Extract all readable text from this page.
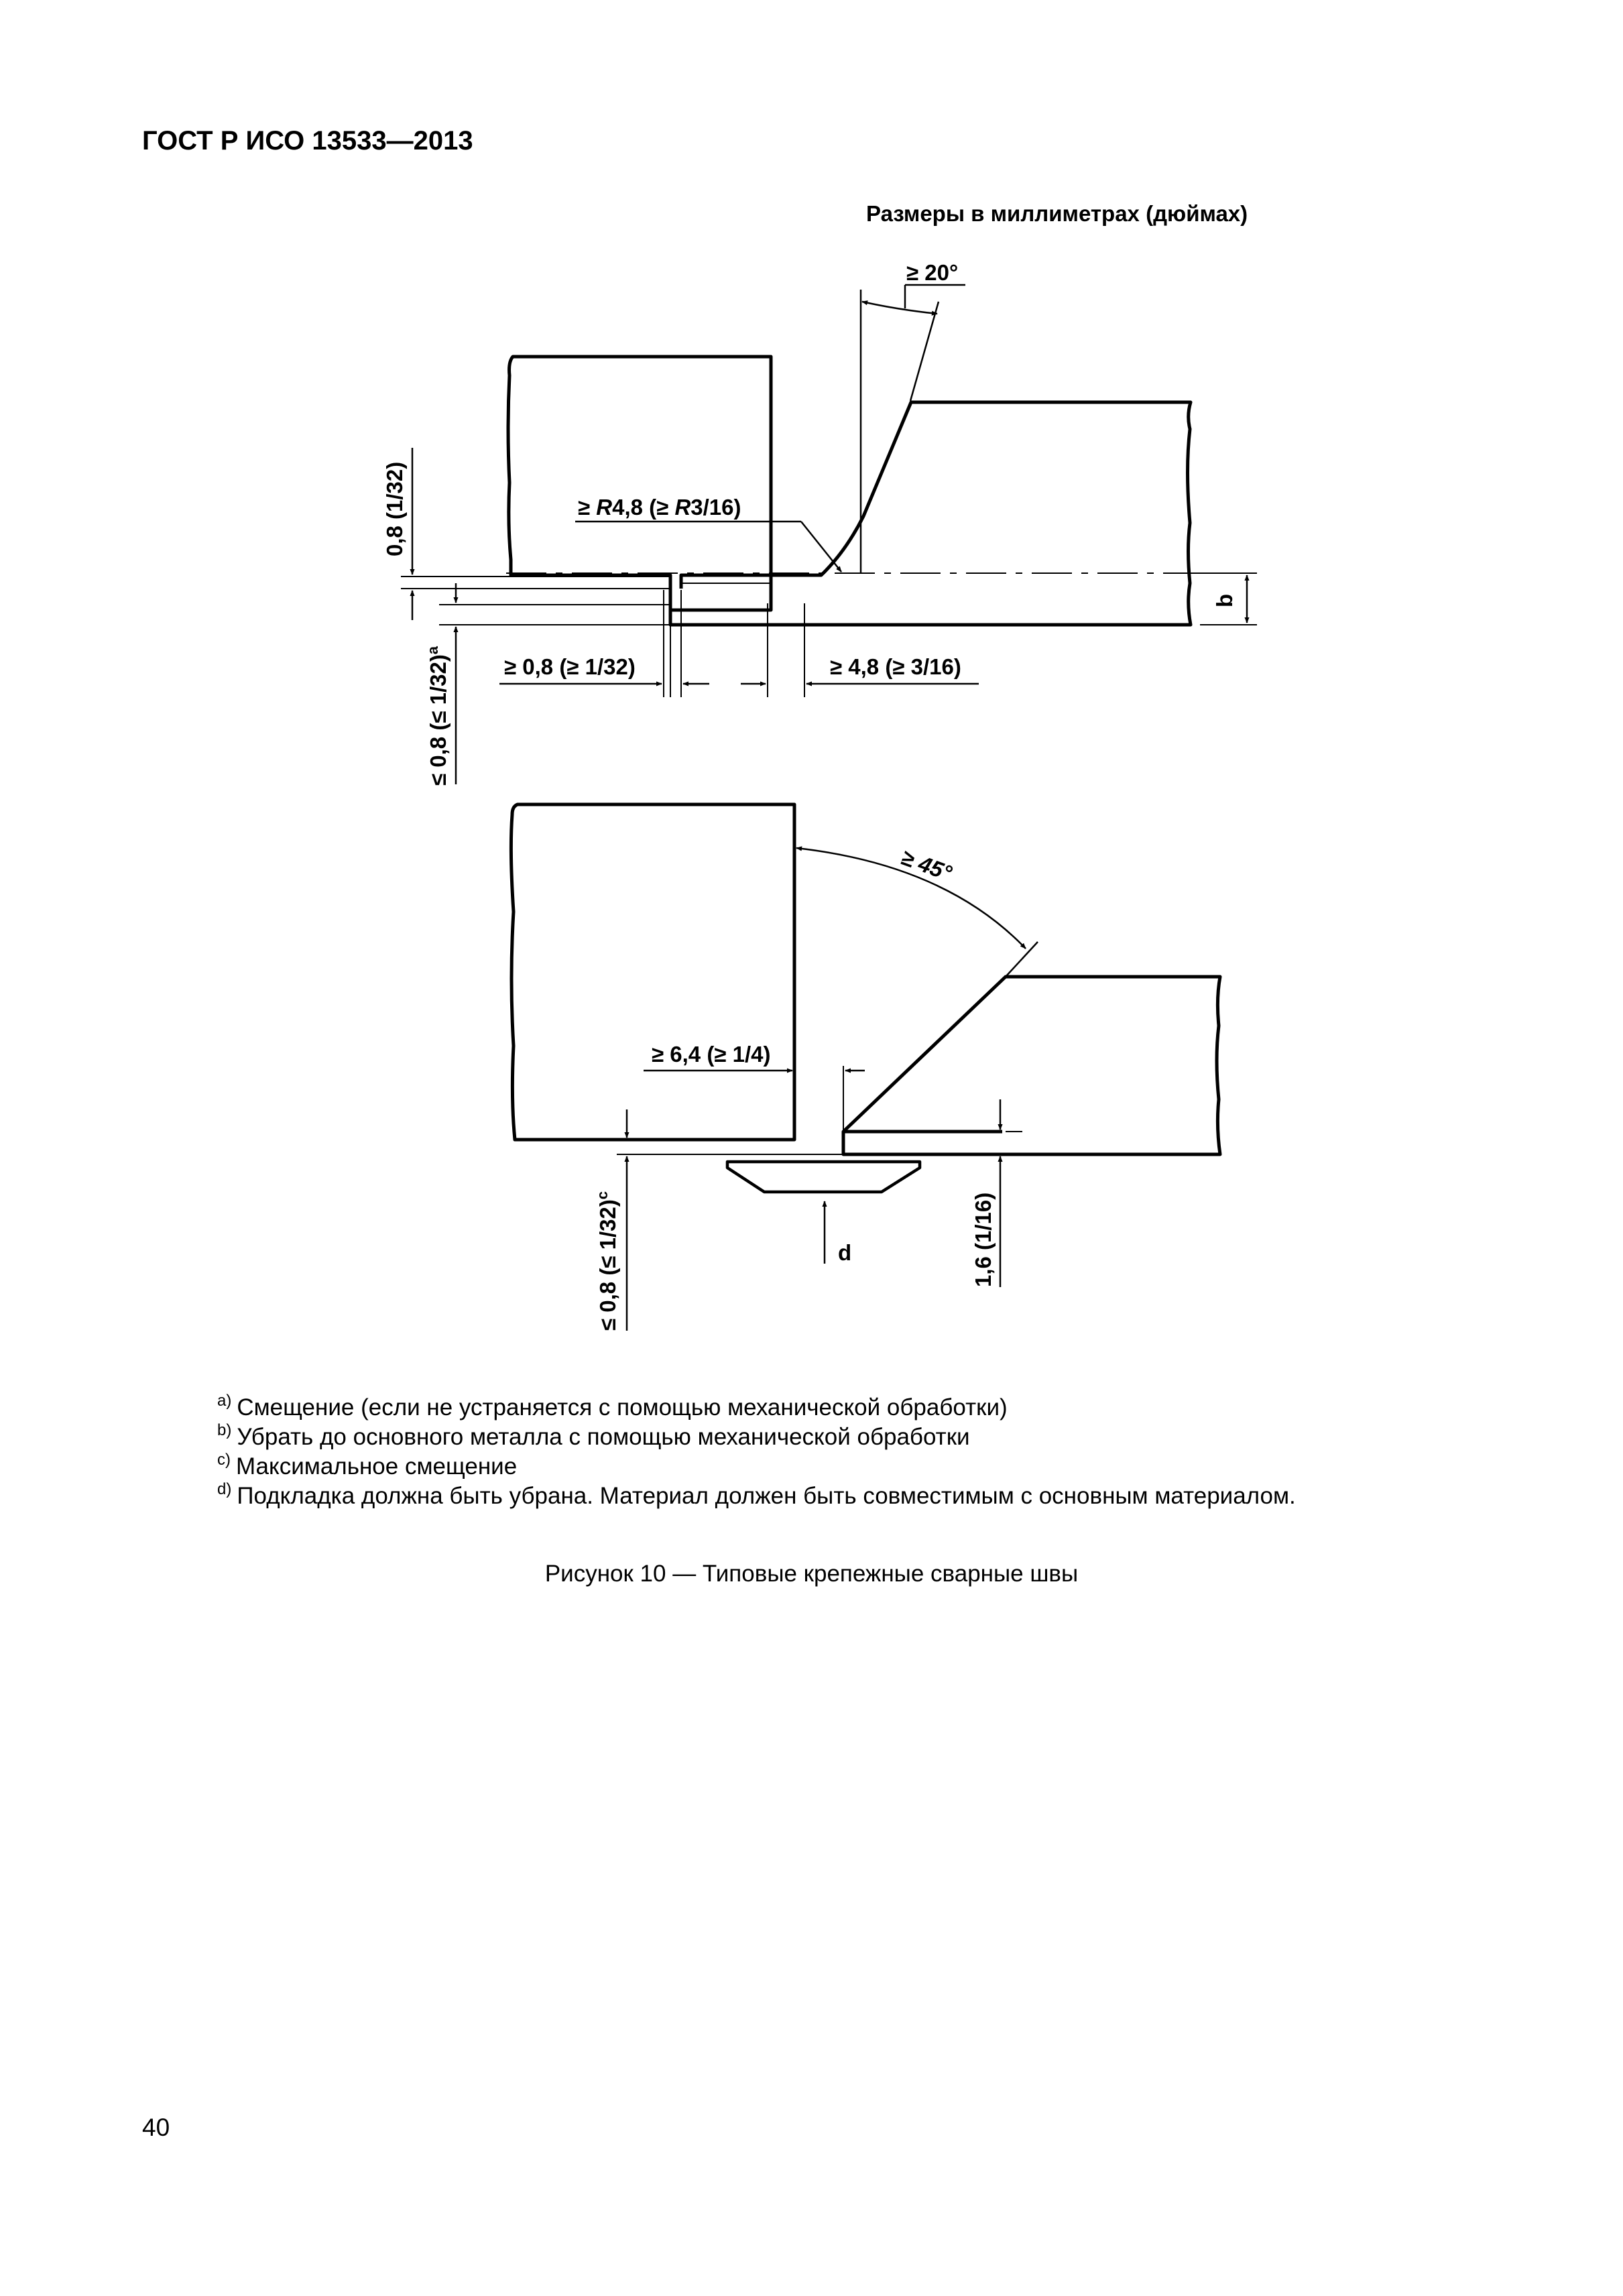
ГОСТ Р ИСО 13533—2013
Размеры в миллиметрах (дюймах)
≥ 20°
≥ R4,8 (≥ R3/16)
0,8 (1/32)
≤ 0,8 (≤ 1/32)$^a$
≥ 0,8 (≥ 1/32)	≥ 4,8 (≥ 3/16)
b
≥ 45°
≥ 6,4 (≥ 1/4)
≤ 0,8 (≤ 1/32)$^c$	1,6 (1/16)
d
$^{a)}$ Смещение (если не устраняется с помощью механической обработки)
$^{b)}$ Убрать до основного металла с помощью механической обработки
$^{c)}$ Максимальное смещение
$^{d)}$ Подкладка должна быть убрана. Материал должен быть совместимым с основным материалом.
Рисунок 10 — Типовые крепежные сварные швы
40
